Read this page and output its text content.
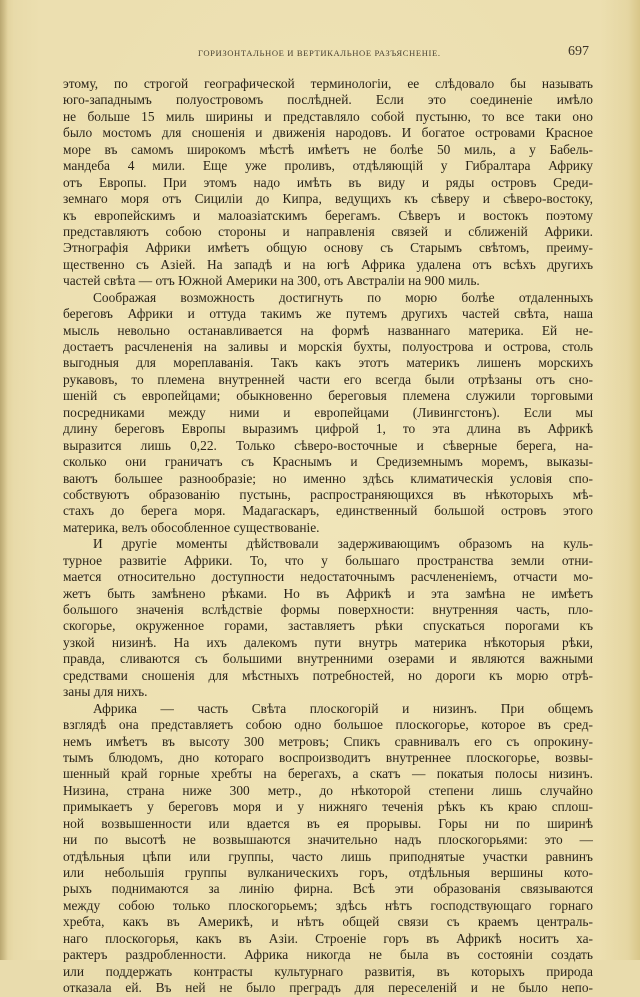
ГОРИЗОНТАЛЬНОЕ И ВЕРТИКАЛЬНОЕ РАЗЪЯСНЕНІЕ.	697
этому, по строгой географической терминологіи, ее слѣдовало бы называть
юго-западнымъ полуостровомъ послѣдней. Если это соединеніе имѣло
не больше 15 миль ширины и представляло собой пустыню, то все таки оно
было мостомъ для сношенія и движенія народовъ. И богатое островами Красное
море въ самомъ широкомъ мѣстѣ имѣетъ не болѣе 50 миль, а у Бабель-
мандеба 4 мили. Еще уже проливъ, отдѣляющій у Гибралтара Африку
отъ Европы. При этомъ надо имѣть въ виду и ряды островъ Среди-
земнаго моря отъ Сициліи до Кипра, ведущихъ къ сѣверу и сѣверо-востоку,
къ европейскимъ и малоазіатскимъ берегамъ. Сѣверъ и востокъ поэтому
представляютъ собою стороны и направленія связей и сближеній Африки.
Этнографія Африки имѣетъ общую основу съ Старымъ свѣтомъ, преиму-
щественно съ Азіей. На западѣ и на югѣ Африка удалена отъ всѣхъ другихъ
частей свѣта — отъ Южной Америки на 300, отъ Австраліи на 900 миль.
Соображая возможность достигнуть по морю болѣе отдаленныхъ
береговъ Африки и оттуда такимъ же путемъ другихъ частей свѣта, наша
мысль невольно останавливается на формѣ названнаго материка. Ей не-
достаетъ расчлененія на заливы и морскія бухты, полуострова и острова, столь
выгодныя для мореплаванія. Такъ какъ этотъ материкъ лишенъ морскихъ
рукавовъ, то племена внутренней части его всегда были отрѣзаны отъ сно-
шеній съ европейцами; обыкновенно береговыя племена служили торговыми
посредниками между ними и европейцами (Ливингстонъ). Если мы
длину береговъ Европы выразимъ цифрой 1, то эта длина въ Африкѣ
выразится лишь 0,22. Только сѣверо-восточные и сѣверные берега, на-
сколько они граничатъ съ Краснымъ и Средиземнымъ моремъ, выказы-
ваютъ большее разнообразіе; но именно здѣсь климатическія условія спо-
собствуютъ образованію пустынь, распространяющихся въ нѣкоторыхъ мѣ-
стахъ до берега моря. Мадагаскаръ, единственный большой островъ этого
материка, велъ обособленное существованіе.
И другіе моменты дѣйствовали задерживающимъ образомъ на куль-
турное развитіе Африки. То, что у большаго пространства земли отни-
мается относительно доступности недостаточнымъ расчлененіемъ, отчасти мо-
жетъ быть замѣнено рѣками. Но въ Африкѣ и эта замѣна не имѣетъ
большого значенія вслѣдствіе формы поверхности: внутренняя часть, пло-
скогорье, окруженное горами, заставляетъ рѣки спускаться порогами къ
узкой низинѣ. На ихъ далекомъ пути внутрь материка нѣкоторыя рѣки,
правда, сливаются съ большими внутренними озерами и являются важными
средствами сношенія для мѣстныхъ потребностей, но дороги къ морю отрѣ-
заны для нихъ.
Африка — часть Свѣта плоскогорій и низинъ. При общемъ
взглядѣ она представляетъ собою одно большое плоскогорье, которое въ сред-
немъ имѣетъ въ высоту 300 метровъ; Спикъ сравнивалъ его съ опрокину-
тымъ блюдомъ, дно котораго воспроизводитъ внутреннее плоскогорье, возвы-
шенный край горные хребты на берегахъ, а скатъ — покатыя полосы низинъ.
Низина, страна ниже 300 метр., до нѣкоторой степени лишь случайно
примыкаетъ у береговъ моря и у нижняго теченія рѣкъ къ краю сплош-
ной возвышенности или вдается въ ея прорывы. Горы ни по ширинѣ
ни по высотѣ не возвышаются значительно надъ плоскогорьями: это —
отдѣльныя цѣпи или группы, часто лишь приподнятые участки равнинъ
или небольшія группы вулканическихъ горъ, отдѣльныя вершины кото-
рыхъ поднимаются за линію фирна. Всѣ эти образованія связываются
между собою только плоскогорьемъ; здѣсь нѣтъ господствующаго горнаго
хребта, какъ въ Америкѣ, и нѣтъ общей связи съ краемъ централь-
наго плоскогорья, какъ въ Азіи. Строеніе горъ въ Африкѣ носитъ ха-
рактеръ раздробленности. Африка никогда не была въ состояніи создать
или поддержать контрасты культурнаго развитія, въ которыхъ природа
отказала ей. Въ ней не было преградъ для переселеній и не было непо-
